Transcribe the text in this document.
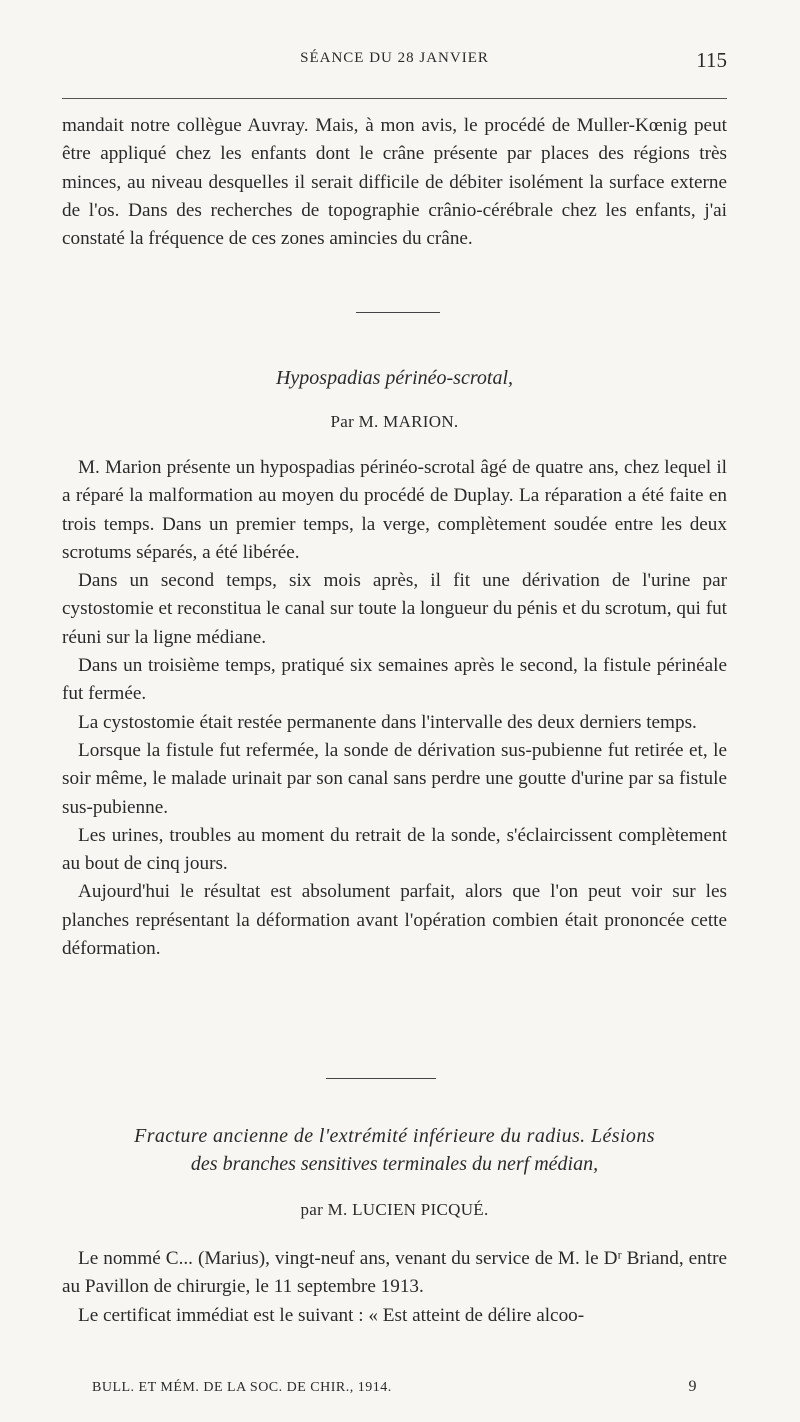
SÉANCE DU 28 JANVIER	115

mandait notre collègue Auvray. Mais, à mon avis, le procédé de Muller-Kœnig peut être appliqué chez les enfants dont le crâne présente par places des régions très minces, au niveau desquelles il serait difficile de débiter isolément la surface externe de l'os. Dans des recherches de topographie crânio-cérébrale chez les enfants, j'ai constaté la fréquence de ces zones amincies du crâne.

Hypospadias périnéo-scrotal,
Par M. MARION.

M. Marion présente un hypospadias périnéo-scrotal âgé de quatre ans, chez lequel il a réparé la malformation au moyen du procédé de Duplay. La réparation a été faite en trois temps. Dans un premier temps, la verge, complètement soudée entre les deux scrotums séparés, a été libérée.

Dans un second temps, six mois après, il fit une dérivation de l'urine par cystostomie et reconstitua le canal sur toute la longueur du pénis et du scrotum, qui fut réuni sur la ligne médiane.

Dans un troisième temps, pratiqué six semaines après le second, la fistule périnéale fut fermée.

La cystostomie était restée permanente dans l'intervalle des deux derniers temps.

Lorsque la fistule fut refermée, la sonde de dérivation sus-pubienne fut retirée et, le soir même, le malade urinait par son canal sans perdre une goutte d'urine par sa fistule sus-pubienne.

Les urines, troubles au moment du retrait de la sonde, s'éclaircissent complètement au bout de cinq jours.

Aujourd'hui le résultat est absolument parfait, alors que l'on peut voir sur les planches représentant la déformation avant l'opération combien était prononcée cette déformation.

Fracture ancienne de l'extrémité inférieure du radius. Lésions
des branches sensitives terminales du nerf médian,
par M. LUCIEN PICQUÉ.

Le nommé C... (Marius), vingt-neuf ans, venant du service de M. le Dʳ Briand, entre au Pavillon de chirurgie, le 11 septembre 1913.

Le certificat immédiat est le suivant : « Est atteint de délire alcoo-

BULL. ET MÉM. DE LA SOC. DE CHIR., 1914.	9
